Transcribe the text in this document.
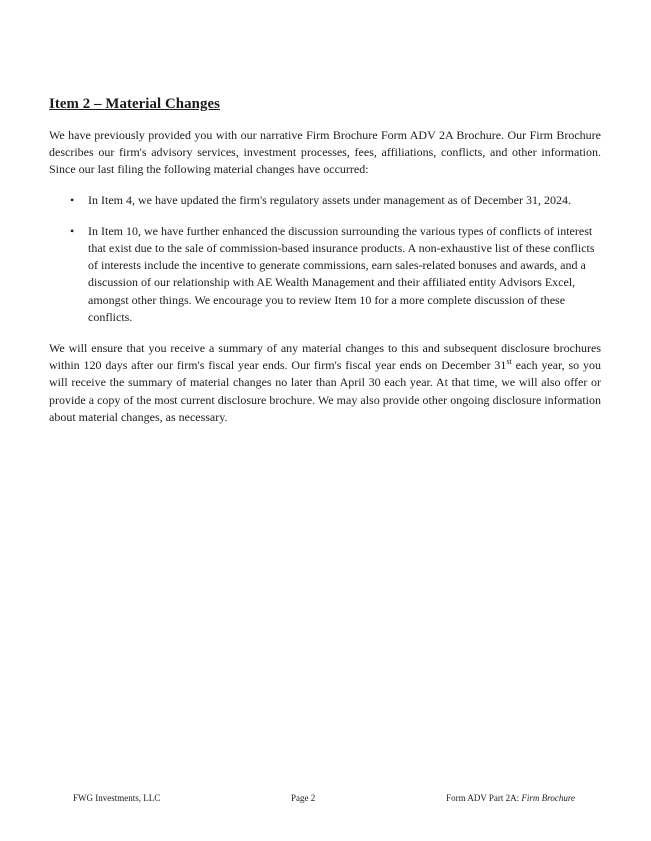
Item 2 – Material Changes

We have previously provided you with our narrative Firm Brochure Form ADV 2A Brochure. Our Firm Brochure describes our firm's advisory services, investment processes, fees, affiliations, conflicts, and other information. Since our last filing the following material changes have occurred:

• In Item 4, we have updated the firm's regulatory assets under management as of December 31, 2024.
• In Item 10, we have further enhanced the discussion surrounding the various types of conflicts of interest that exist due to the sale of commission-based insurance products. A non-exhaustive list of these conflicts of interests include the incentive to generate commissions, earn sales-related bonuses and awards, and a discussion of our relationship with AE Wealth Management and their affiliated entity Advisors Excel, amongst other things. We encourage you to review Item 10 for a more complete discussion of these conflicts.

We will ensure that you receive a summary of any material changes to this and subsequent disclosure brochures within 120 days after our firm's fiscal year ends. Our firm's fiscal year ends on December 31st each year, so you will receive the summary of material changes no later than April 30 each year. At that time, we will also offer or provide a copy of the most current disclosure brochure. We may also provide other ongoing disclosure information about material changes, as necessary.

FWG Investments, LLC	Page 2	Form ADV Part 2A: Firm Brochure
